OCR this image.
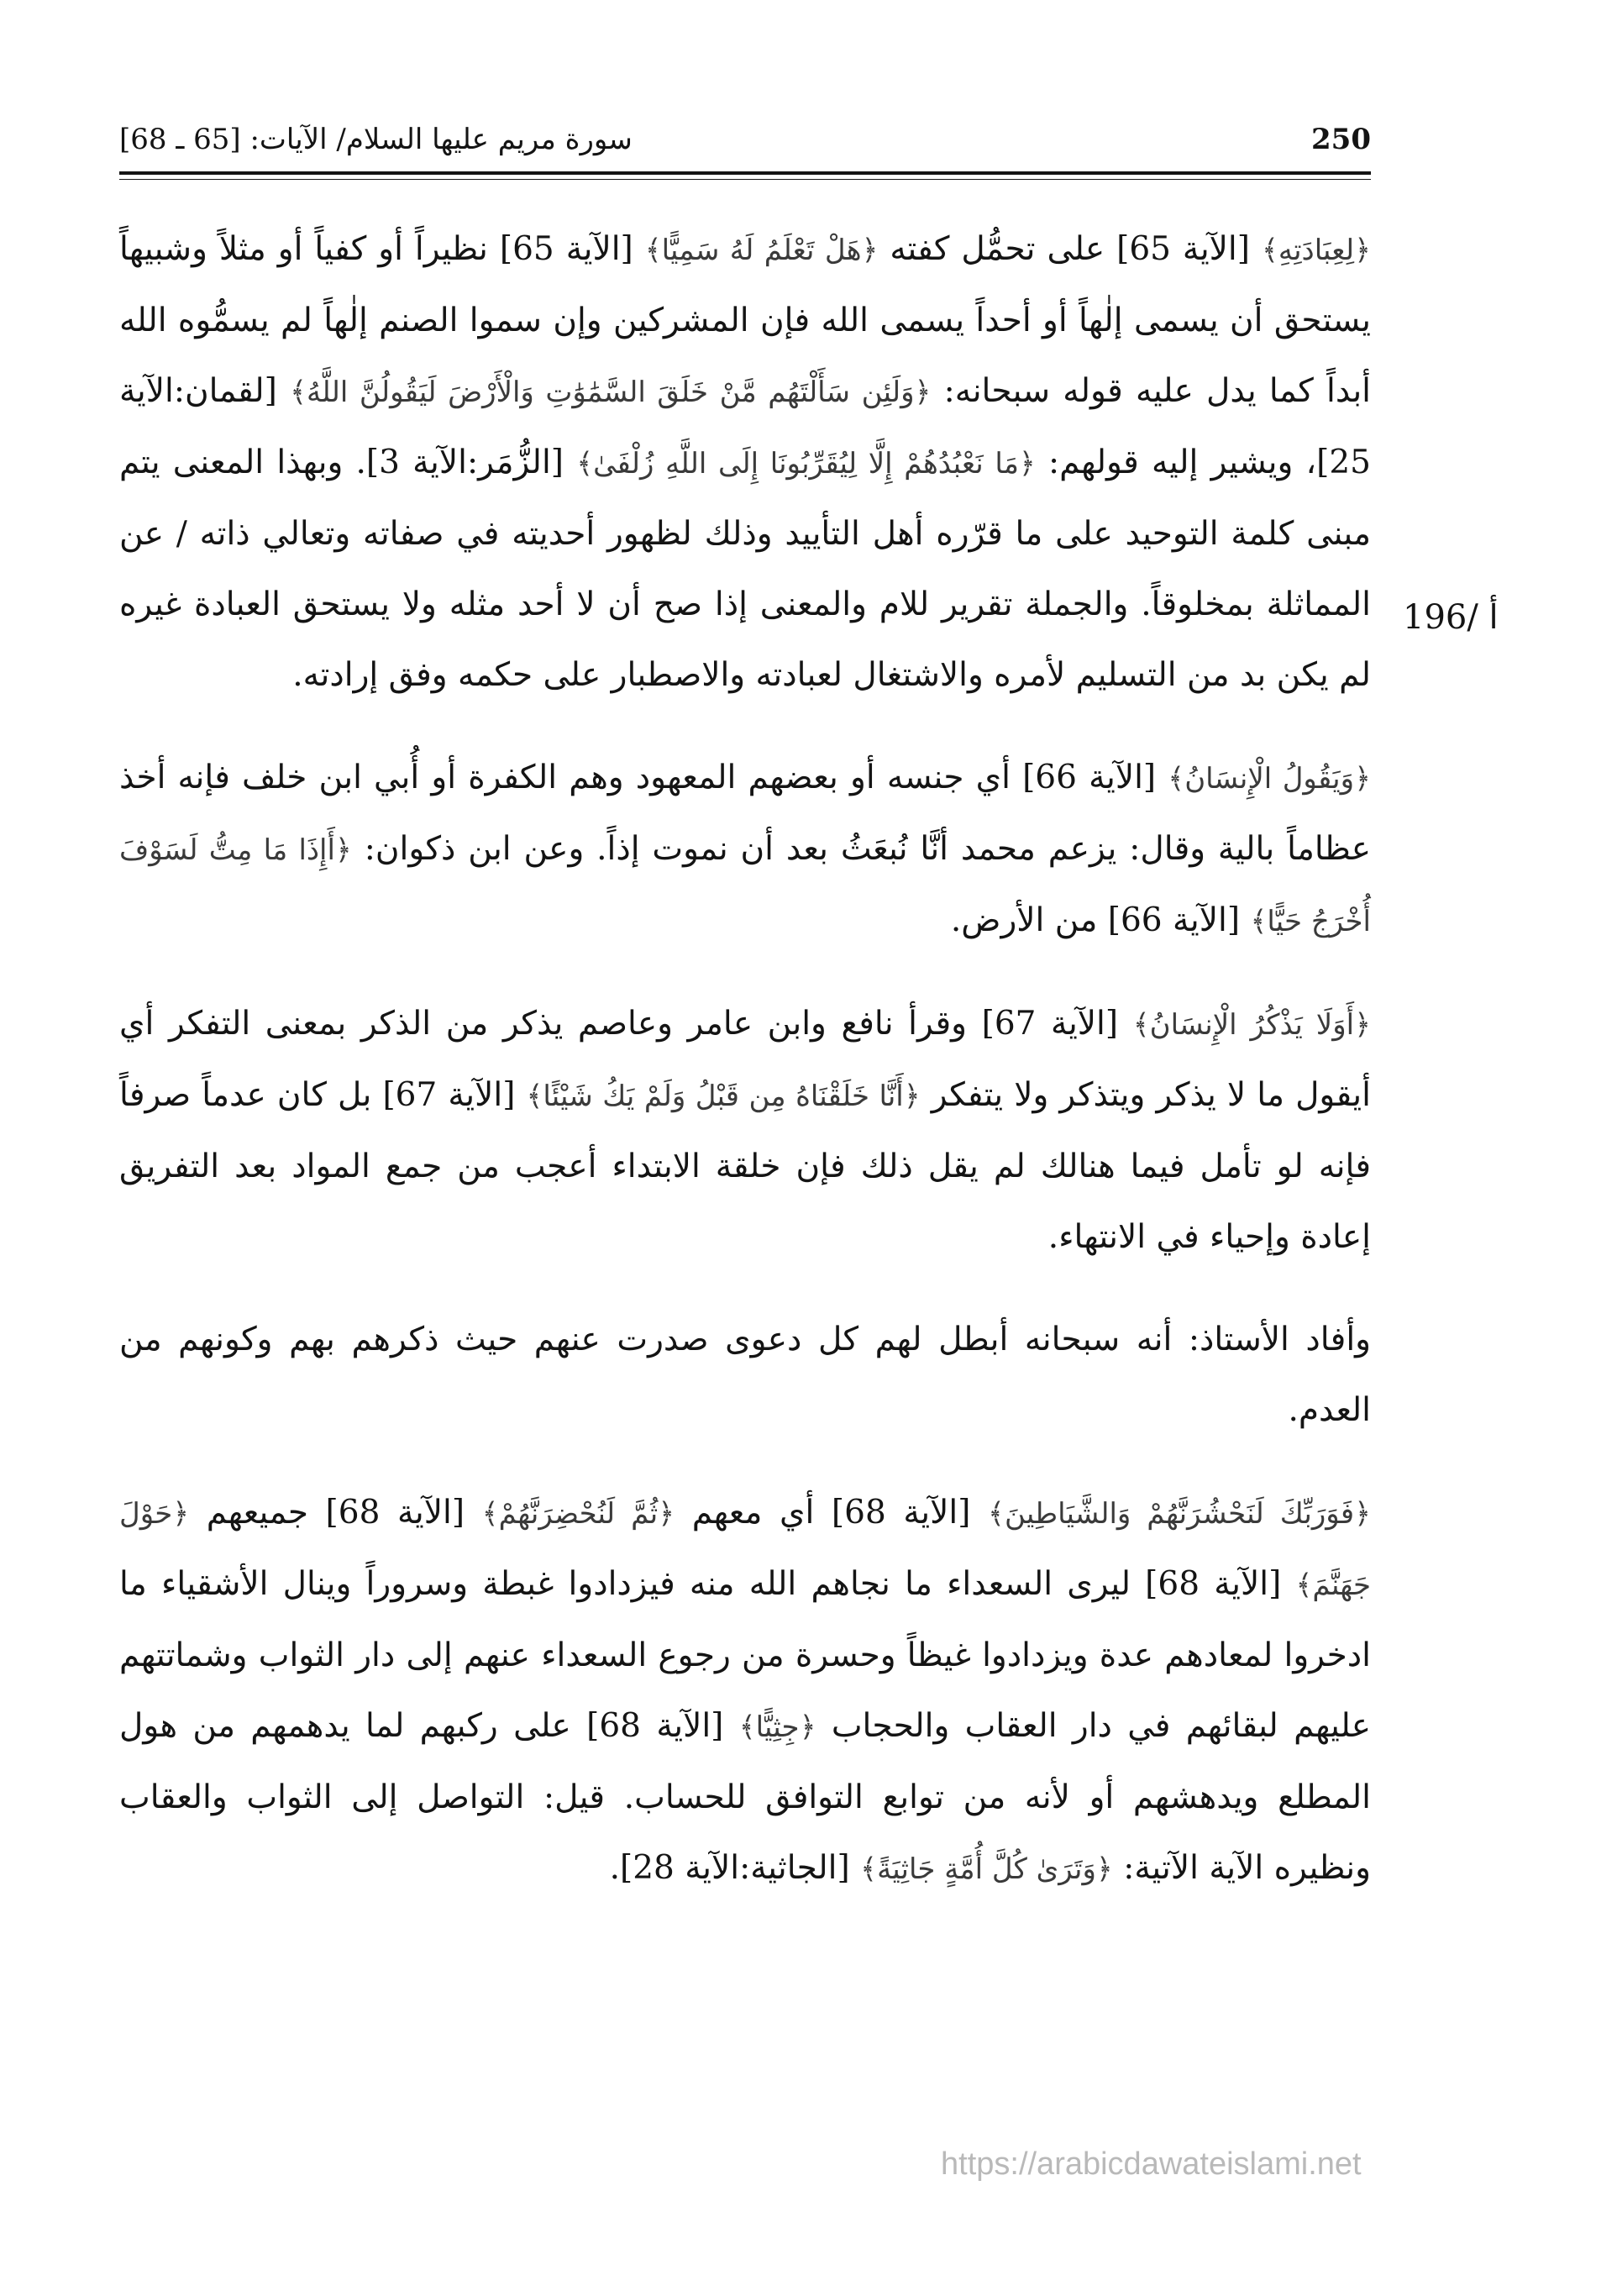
سورة مريم عليها السلام/ الآيات: [65 ـ 68]	250
196/ أ

﴿لِعِبَادَتِهِ﴾ [الآية 65] على تحمُّل كفته ﴿هَلْ تَعْلَمُ لَهُ سَمِيًّا﴾ [الآية 65] نظيراً أو كفياً أو مثلاً وشبيهاً يستحق أن يسمى إلٰهاً أو أحداً يسمى الله فإن المشركين وإن سموا الصنم إلٰهاً لم يسمُّوه الله أبداً كما يدل عليه قوله سبحانه: ﴿وَلَئِن سَأَلْتَهُم مَّنْ خَلَقَ السَّمَٰوَٰتِ وَالْأَرْضَ لَيَقُولُنَّ اللَّهُ﴾ [لقمان:الآية 25]، ويشير إليه قولهم: ﴿مَا نَعْبُدُهُمْ إِلَّا لِيُقَرِّبُونَا إِلَى اللَّهِ زُلْفَىٰ﴾ [الزُّمَر:الآية 3]. وبهذا المعنى يتم مبنى كلمة التوحيد على ما قرّره أهل التأييد وذلك لظهور أحديته في صفاته وتعالي ذاته / عن المماثلة بمخلوقاً. والجملة تقرير للام والمعنى إذا صح أن لا أحد مثله ولا يستحق العبادة غيره لم يكن بد من التسليم لأمره والاشتغال لعبادته والاصطبار على حكمه وفق إرادته.

﴿وَيَقُولُ الْإِنسَانُ﴾ [الآية 66] أي جنسه أو بعضهم المعهود وهم الكفرة أو أُبي ابن خلف فإنه أخذ عظاماً بالية وقال: يزعم محمد أنَّا نُبعَثُ بعد أن نموت إذاً. وعن ابن ذكوان: ﴿أَإِذَا مَا مِتُّ لَسَوْفَ أُخْرَجُ حَيًّا﴾ [الآية 66] من الأرض.

﴿أَوَلَا يَذْكُرُ الْإِنسَانُ﴾ [الآية 67] وقرأ نافع وابن عامر وعاصم يذكر من الذكر بمعنى التفكر أي أيقول ما لا يذكر ويتذكر ولا يتفكر ﴿أَنَّا خَلَقْنَاهُ مِن قَبْلُ وَلَمْ يَكُ شَيْئًا﴾ [الآية 67] بل كان عدماً صرفاً فإنه لو تأمل فيما هنالك لم يقل ذلك فإن خلقة الابتداء أعجب من جمع المواد بعد التفريق إعادة وإحياء في الانتهاء.

وأفاد الأستاذ: أنه سبحانه أبطل لهم كل دعوى صدرت عنهم حيث ذكرهم بهم وكونهم من العدم.

﴿فَوَرَبِّكَ لَنَحْشُرَنَّهُمْ وَالشَّيَاطِينَ﴾ [الآية 68] أي معهم ﴿ثُمَّ لَنُحْضِرَنَّهُمْ﴾ [الآية 68] جميعهم ﴿حَوْلَ جَهَنَّمَ﴾ [الآية 68] ليرى السعداء ما نجاهم الله منه فيزدادوا غبطة وسروراً وينال الأشقياء ما ادخروا لمعادهم عدة ويزدادوا غيظاً وحسرة من رجوع السعداء عنهم إلى دار الثواب وشماتتهم عليهم لبقائهم في دار العقاب والحجاب ﴿جِثِيًّا﴾ [الآية 68] على ركبهم لما يدهمهم من هول المطلع ويدهشهم أو لأنه من توابع التوافق للحساب. قيل: التواصل إلى الثواب والعقاب ونظيره الآية الآتية: ﴿وَتَرَىٰ كُلَّ أُمَّةٍ جَاثِيَةً﴾ [الجاثية:الآية 28].

https://arabicdawateislami.net
